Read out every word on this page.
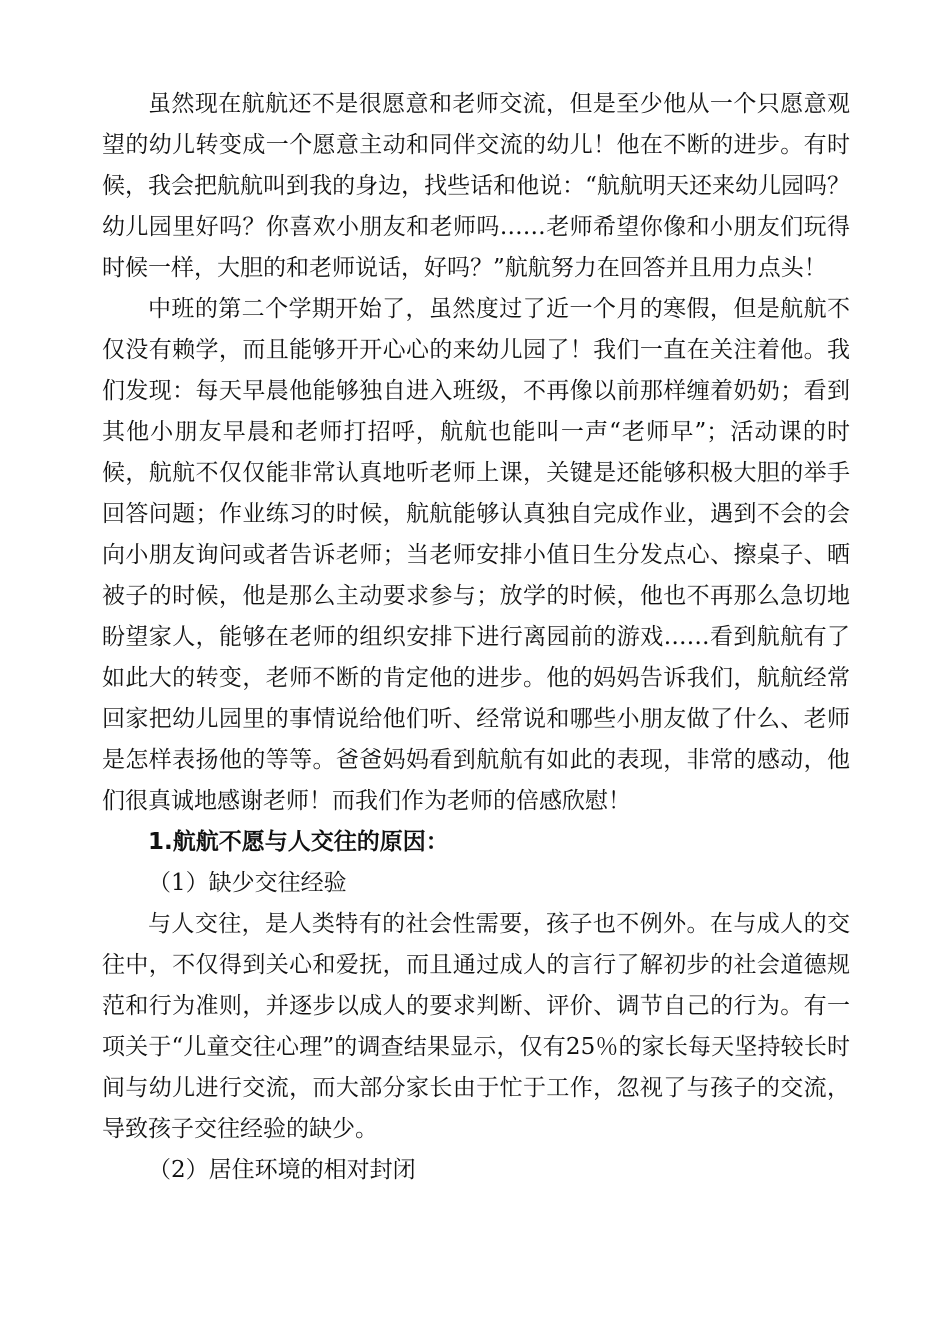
虽然现在航航还不是很愿意和老师交流，但是至少他从一个只愿意观望的幼儿转变成一个愿意主动和同伴交流的幼儿！他在不断的进步。有时候，我会把航航叫到我的身边，找些话和他说：“航航明天还来幼儿园吗？幼儿园里好吗？你喜欢小朋友和老师吗……老师希望你像和小朋友们玩得时候一样，大胆的和老师说话，好吗？”航航努力在回答并且用力点头！

中班的第二个学期开始了，虽然度过了近一个月的寒假，但是航航不仅没有赖学，而且能够开开心心的来幼儿园了！我们一直在关注着他。我们发现：每天早晨他能够独自进入班级，不再像以前那样缠着奶奶；看到其他小朋友早晨和老师打招呼，航航也能叫一声“老师早”；活动课的时候，航航不仅仅能非常认真地听老师上课，关键是还能够积极大胆的举手回答问题；作业练习的时候，航航能够认真独自完成作业，遇到不会的会向小朋友询问或者告诉老师；当老师安排小值日生分发点心、擦桌子、晒被子的时候，他是那么主动要求参与；放学的时候，他也不再那么急切地盼望家人，能够在老师的组织安排下进行离园前的游戏……看到航航有了如此大的转变，老师不断的肯定他的进步。他的妈妈告诉我们，航航经常回家把幼儿园里的事情说给他们听、经常说和哪些小朋友做了什么、老师是怎样表扬他的等等。爸爸妈妈看到航航有如此的表现，非常的感动，他们很真诚地感谢老师！而我们作为老师的倍感欣慰！

1.航航不愿与人交往的原因：

（1）缺少交往经验

与人交往，是人类特有的社会性需要，孩子也不例外。在与成人的交往中，不仅得到关心和爱抚，而且通过成人的言行了解初步的社会道德规范和行为准则，并逐步以成人的要求判断、评价、调节自己的行为。有一项关于“儿童交往心理”的调查结果显示，仅有25％的家长每天坚持较长时间与幼儿进行交流，而大部分家长由于忙于工作，忽视了与孩子的交流，导致孩子交往经验的缺少。

（2）居住环境的相对封闭
